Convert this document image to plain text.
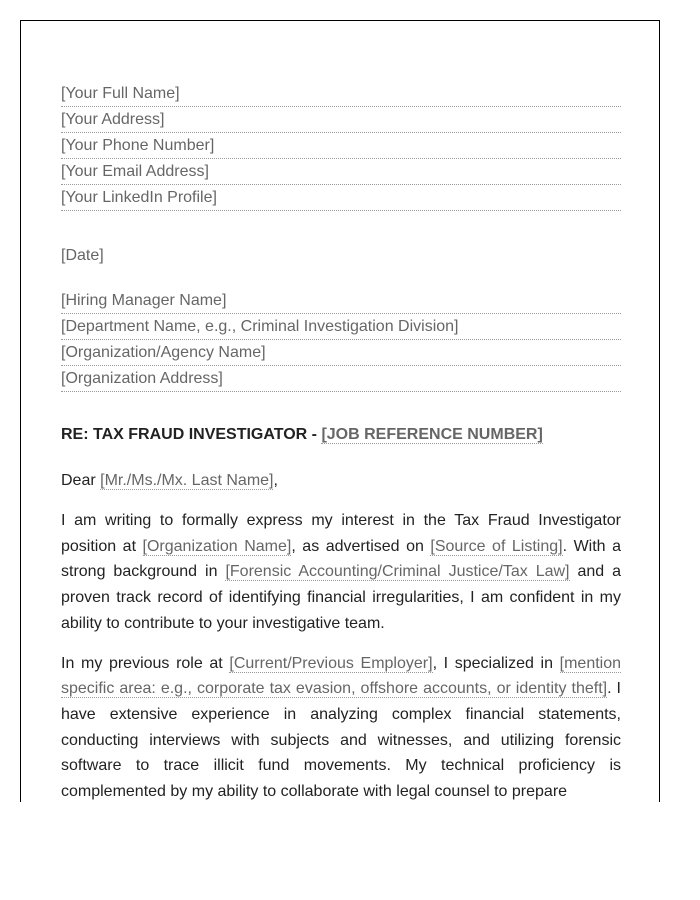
[Your Full Name]
[Your Address]
[Your Phone Number]
[Your Email Address]
[Your LinkedIn Profile]
[Date]
[Hiring Manager Name]
[Department Name, e.g., Criminal Investigation Division]
[Organization/Agency Name]
[Organization Address]
RE: TAX FRAUD INVESTIGATOR - [JOB REFERENCE NUMBER]
Dear [Mr./Ms./Mx. Last Name],
I am writing to formally express my interest in the Tax Fraud Investigator position at [Organization Name], as advertised on [Source of Listing]. With a strong background in [Forensic Accounting/Criminal Justice/Tax Law] and a proven track record of identifying financial irregularities, I am confident in my ability to contribute to your investigative team.
In my previous role at [Current/Previous Employer], I specialized in [mention specific area: e.g., corporate tax evasion, offshore accounts, or identity theft]. I have extensive experience in analyzing complex financial statements, conducting interviews with subjects and witnesses, and utilizing forensic software to trace illicit fund movements. My technical proficiency is complemented by my ability to collaborate with legal counsel to prepare
